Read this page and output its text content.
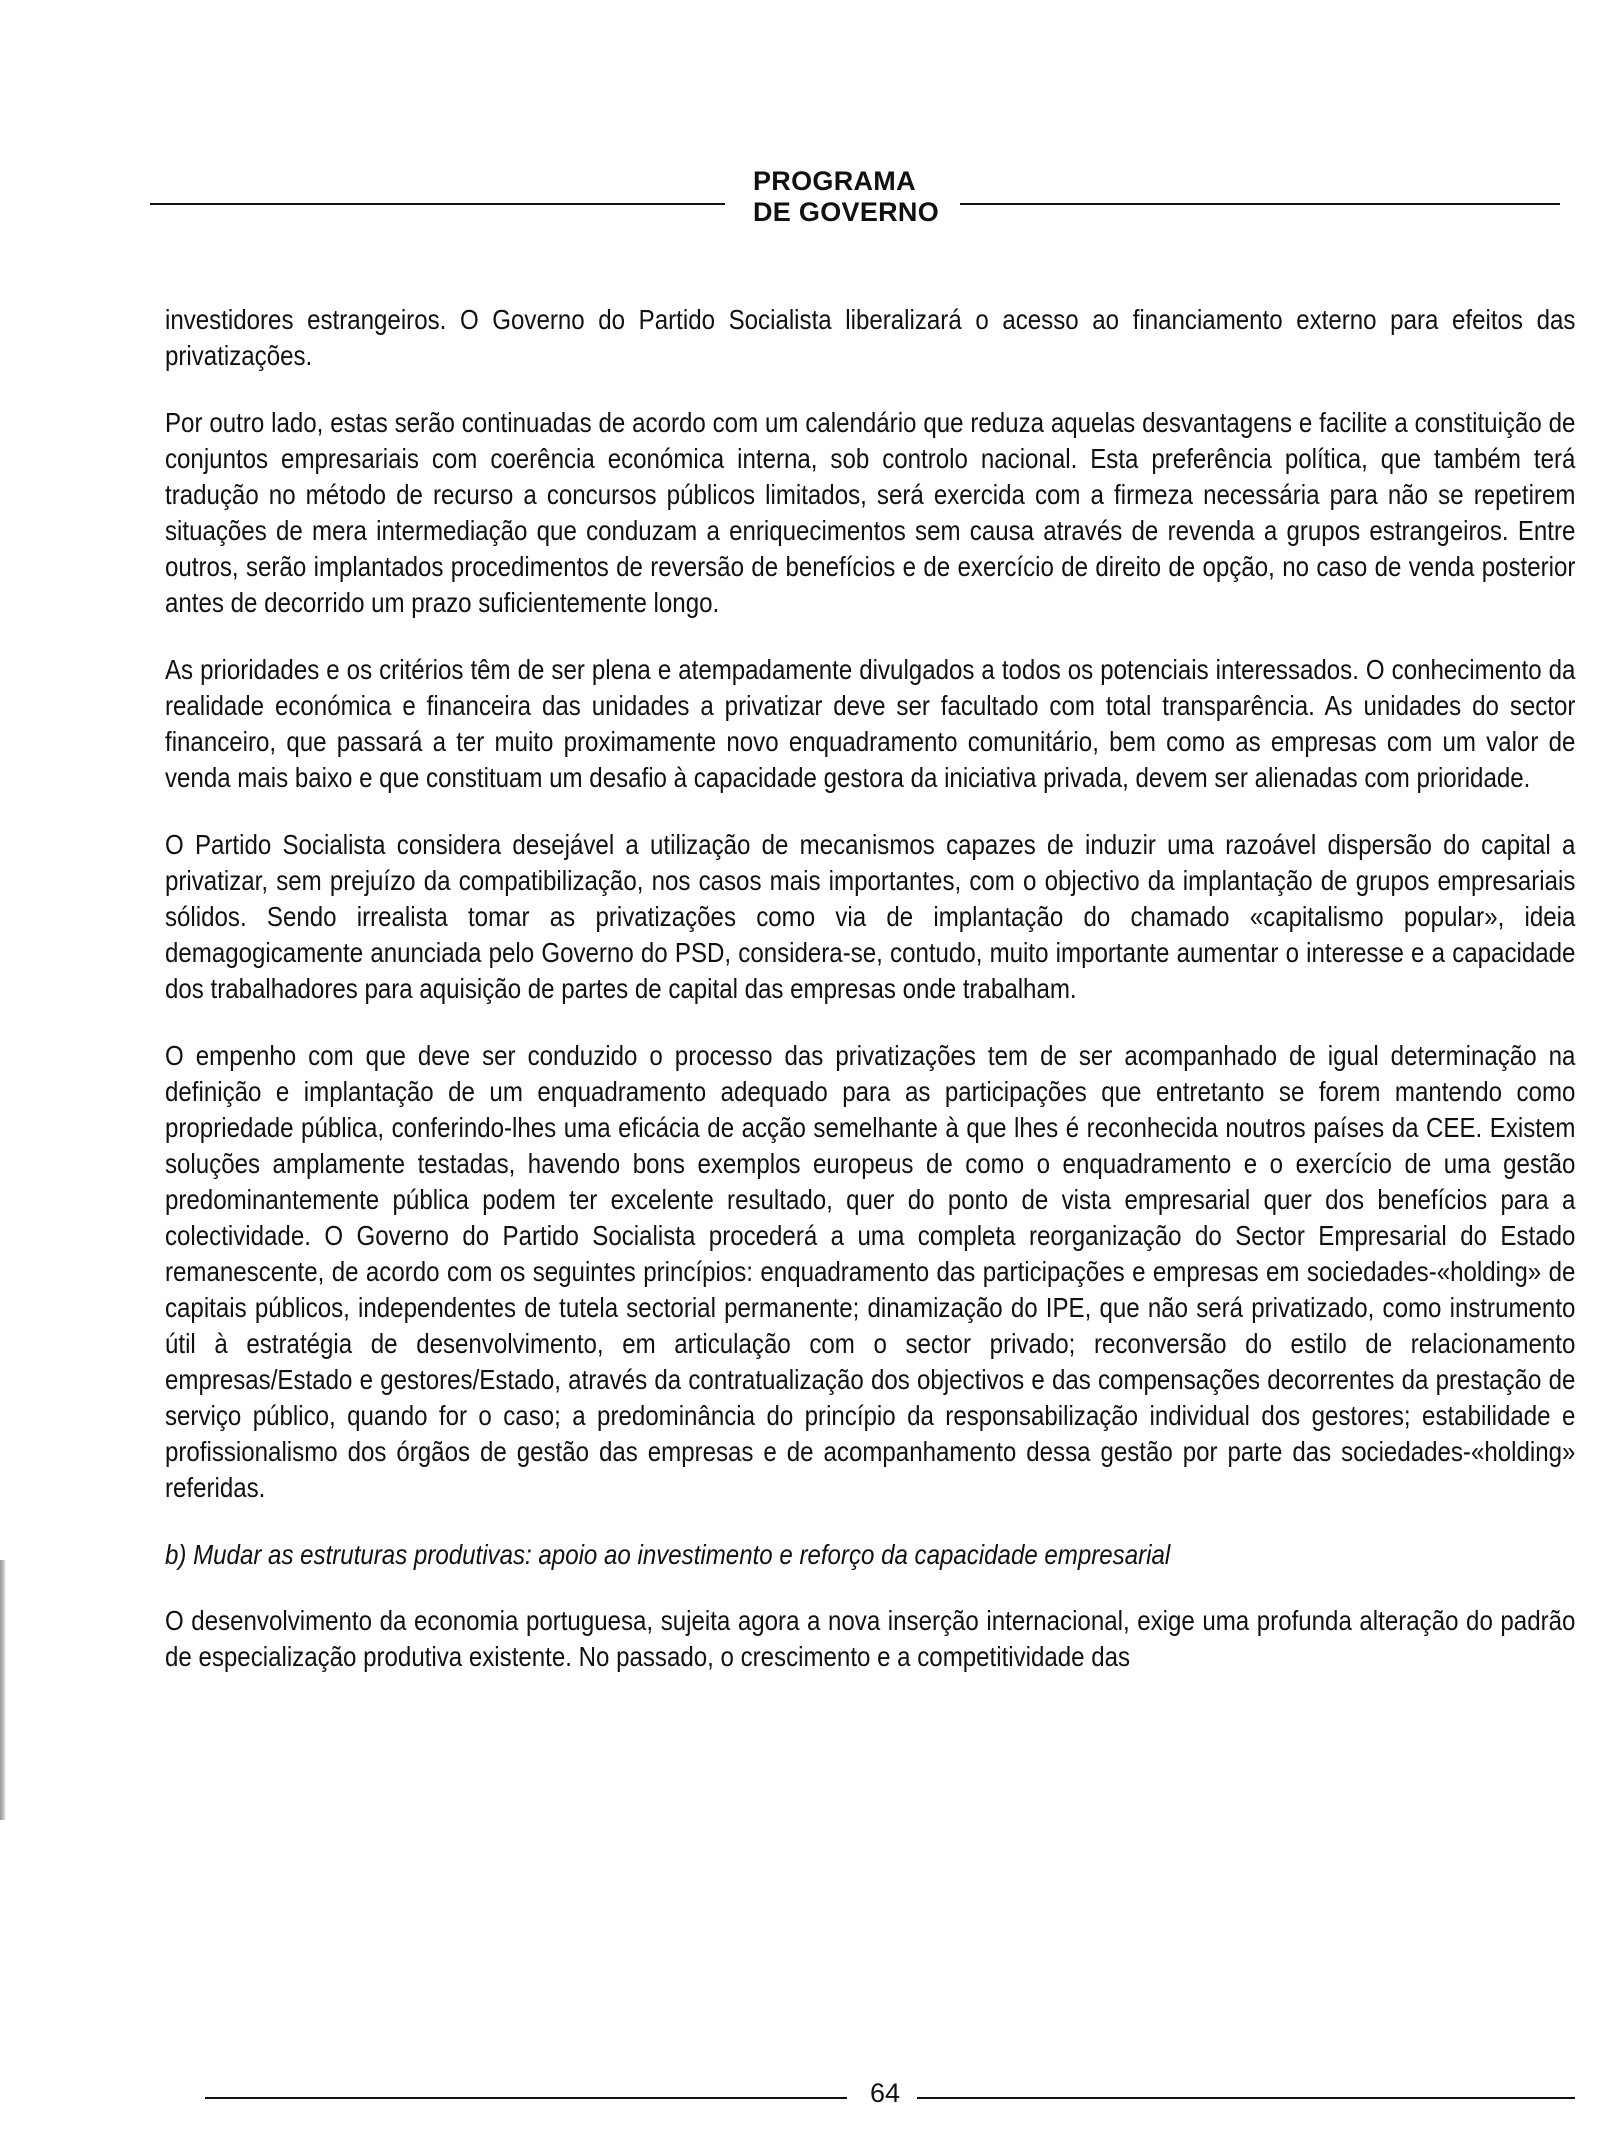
PROGRAMA
DE GOVERNO

investidores estrangeiros. O Governo do Partido Socialista liberalizará o acesso ao financiamento externo para efeitos das privatizações.

Por outro lado, estas serão continuadas de acordo com um calendário que reduza aquelas desvantagens e facilite a constituição de conjuntos empresariais com coerência económica interna, sob controlo nacional. Esta preferência política, que também terá tradução no método de recurso a concursos públicos limitados, será exercida com a firmeza necessária para não se repetirem situações de mera intermediação que conduzam a enriquecimentos sem causa através de revenda a grupos estrangeiros. Entre outros, serão implantados procedimentos de reversão de benefícios e de exercício de direito de opção, no caso de venda posterior antes de decorrido um prazo suficientemente longo.

As prioridades e os critérios têm de ser plena e atempadamente divulgados a todos os potenciais interessados. O conhecimento da realidade económica e financeira das unidades a privatizar deve ser facultado com total transparência. As unidades do sector financeiro, que passará a ter muito proximamente novo enquadramento comunitário, bem como as empresas com um valor de venda mais baixo e que constituam um desafio à capacidade gestora da iniciativa privada, devem ser alienadas com prioridade.

O Partido Socialista considera desejável a utilização de mecanismos capazes de induzir uma razoável dispersão do capital a privatizar, sem prejuízo da compatibilização, nos casos mais importantes, com o objectivo da implantação de grupos empresariais sólidos. Sendo irrealista tomar as privatizações como via de implantação do chamado «capitalismo popular», ideia demagogicamente anunciada pelo Governo do PSD, considera-se, contudo, muito importante aumentar o interesse e a capacidade dos trabalhadores para aquisição de partes de capital das empresas onde trabalham.

O empenho com que deve ser conduzido o processo das privatizações tem de ser acompanhado de igual determinação na definição e implantação de um enquadramento adequado para as participações que entretanto se forem mantendo como propriedade pública, conferindo-lhes uma eficácia de acção semelhante à que lhes é reconhecida noutros países da CEE. Existem soluções amplamente testadas, havendo bons exemplos europeus de como o enquadramento e o exercício de uma gestão predominantemente pública podem ter excelente resultado, quer do ponto de vista empresarial quer dos benefícios para a colectividade. O Governo do Partido Socialista procederá a uma completa reorganização do Sector Empresarial do Estado remanescente, de acordo com os seguintes princípios: enquadramento das participações e empresas em sociedades-«holding» de capitais públicos, independentes de tutela sectorial permanente; dinamização do IPE, que não será privatizado, como instrumento útil à estratégia de desenvolvimento, em articulação com o sector privado; reconversão do estilo de relacionamento empresas/Estado e gestores/Estado, através da contratualização dos objectivos e das compensações decorrentes da prestação de serviço público, quando for o caso; a predominância do princípio da responsabilização individual dos gestores; estabilidade e profissionalismo dos órgãos de gestão das empresas e de acompanhamento dessa gestão por parte das sociedades-«holding» referidas.

b) Mudar as estruturas produtivas: apoio ao investimento e reforço da capacidade empresarial

O desenvolvimento da economia portuguesa, sujeita agora a nova inserção internacional, exige uma profunda alteração do padrão de especialização produtiva existente. No passado, o crescimento e a competitividade das

64
